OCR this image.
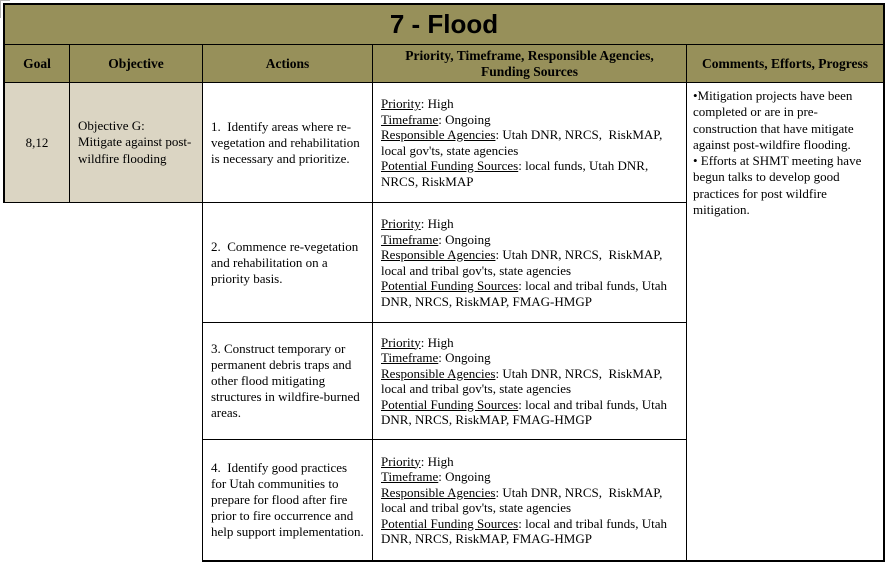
7 - Flood
Goal	Objective	Actions
Priority, Timeframe, Responsible Agencies, Funding Sources
Comments, Efforts, Progress
8,12
Objective G: Mitigate against post-wildfire flooding
1.  Identify areas where re-vegetation and rehabilitation is necessary and prioritize.
2.  Commence re-vegetation and rehabilitation on a priority basis.
3. Construct temporary or permanent debris traps and other flood mitigating structures in wildfire-burned areas.
4.  Identify good practices for Utah communities to prepare for flood after fire prior to fire occurrence and help support implementation.
Priority : High
Timeframe : Ongoing
Responsible Agencies : Utah DNR, NRCS,  RiskMAP, local gov'ts, state agencies
Potential Funding Sources : local funds, Utah DNR, NRCS, RiskMAP
Priority : High
Timeframe : Ongoing
Responsible Agencies : Utah DNR, NRCS,  RiskMAP, local and tribal gov'ts, state agencies
Potential Funding Sources : local and tribal funds, Utah DNR, NRCS, RiskMAP, FMAG-HMGP
Priority : High
Timeframe : Ongoing
Responsible Agencies : Utah DNR, NRCS,  RiskMAP, local and tribal gov'ts, state agencies
Potential Funding Sources : local and tribal funds, Utah DNR, NRCS, RiskMAP, FMAG-HMGP
Priority : High
Timeframe : Ongoing
Responsible Agencies : Utah DNR, NRCS,  RiskMAP, local and tribal gov'ts, state agencies
Potential Funding Sources : local and tribal funds, Utah DNR, NRCS, RiskMAP, FMAG-HMGP
•Mitigation projects have been completed or are in pre-construction that have mitigate against post-wildfire flooding.
• Efforts at SHMT meeting have begun talks to develop good practices for post wildfire mitigation.
